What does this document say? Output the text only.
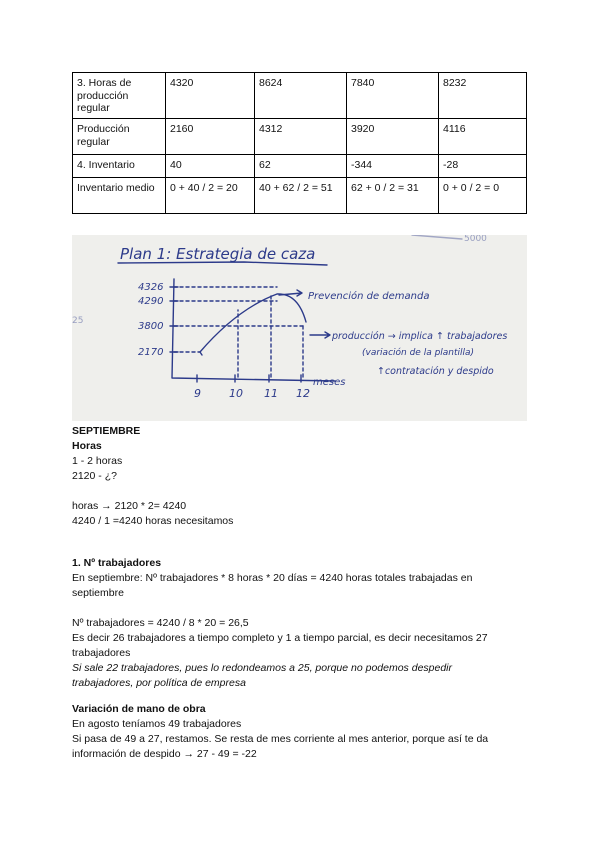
3. Horas de producción regular	4320	8624	7840	8232
Producción regular	2160	4312	3920	4116
4. Inventario	40	62	-344	-28
Inventario medio	0 + 40 / 2 = 20	40 + 62 / 2 = 51	62 + 0 / 2 = 31	0 + 0 / 2 = 0
Plan 1: Estrategia de caza
4326
4290
3800
2170
9	10 11 12
meses
Prevención de demanda
producción → implica ↑ trabajadores
(variación de la plantilla)
↑contratación y despido
25
5000
SEPTIEMBRE
Horas
1 - 2 horas
2120 - ¿?
horas → 2120 * 2= 4240
4240 / 1 =4240 horas necesitamos
1. Nº trabajadores
En septiembre: Nº trabajadores * 8 horas * 20 días = 4240 horas totales trabajadas en
septiembre
Nº trabajadores = 4240 / 8 * 20 = 26,5
Es decir 26 trabajadores a tiempo completo y 1 a tiempo parcial, es decir necesitamos 27
trabajadores
Si sale 22 trabajadores, pues lo redondeamos a 25, porque no podemos despedir
trabajadores, por política de empresa
Variación de mano de obra
En agosto teníamos 49 trabajadores
Si pasa de 49 a 27, restamos. Se resta de mes corriente al mes anterior, porque así te da
información de despido → 27 - 49 = -22
